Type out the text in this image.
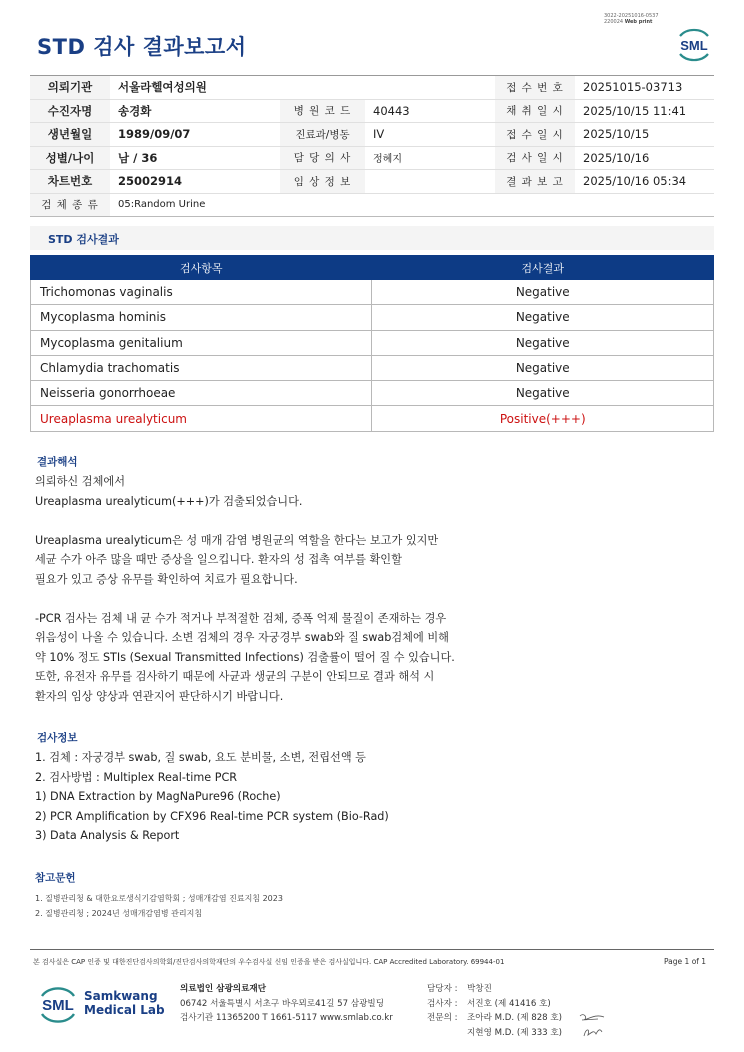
3022-20251016-0537
220024 Web print
STD 검사 결과보고서	SML
의뢰기관	서울라헬여성의원			접 수 번 호	20251015-03713
수진자명	송경화	병 원 코 드	40443	채 취 일 시	2025/10/15 11:41
생년월일	1989/09/07	진료과/병동	IV	접 수 일 시	2025/10/15
성별/나이	남 / 36	담 당 의 사	정혜지	검 사 일 시	2025/10/16
차트번호	25002914	임 상 정 보		결 과 보 고	2025/10/16 05:34
검 체 종 류	05:Random Urine				
STD 검사결과
검사항목	검사결과
Trichomonas vaginalis	Negative
Mycoplasma hominis	Negative
Mycoplasma genitalium	Negative
Chlamydia trachomatis	Negative
Neisseria gonorrhoeae	Negative
Ureaplasma urealyticum	Positive(+++)
결과해석
의뢰하신 검체에서
Ureaplasma urealyticum(+++)가 검출되었습니다.
Ureaplasma urealyticum은 성 매개 감염 병원균의 역할을 한다는 보고가 있지만
세균 수가 아주 많을 때만 증상을 일으킵니다. 환자의 성 접촉 여부를 확인할
필요가 있고 증상 유무를 확인하여 치료가 필요합니다.
-PCR 검사는 검체 내 균 수가 적거나 부적절한 검체, 증폭 억제 물질이 존재하는 경우
위음성이 나올 수 있습니다. 소변 검체의 경우 자궁경부 swab와 질 swab검체에 비해
약 10% 정도 STIs (Sexual Transmitted Infections) 검출률이 떨어 질 수 있습니다.
또한, 유전자 유무를 검사하기 때문에 사균과 생균의 구분이 안되므로 결과 해석 시
환자의 임상 양상과 연관지어 판단하시기 바랍니다.
검사정보
1. 검체 : 자궁경부 swab, 질 swab, 요도 분비물, 소변, 전립선액 등
2. 검사방법 : Multiplex Real-time PCR
1) DNA Extraction by MagNaPure96 (Roche)
2) PCR Amplification by CFX96 Real-time PCR system (Bio-Rad)
3) Data Analysis & Report
참고문헌
1. 질병관리청 & 대한요로생식기감염학회 ; 성매개감염 진료지침 2023
2. 질병관리청 ; 2024년 성매개감염병 관리지침
본 검사실은 CAP 인증 및 대한진단검사의학회/진단검사의학재단의 우수검사실 신임 인증을 받은 검사실입니다. CAP Accredited Laboratory. 69944-01	Page 1 of 1
SML
Samkwang
Medical Lab
의료법인 삼광의료재단
06742 서울특별시 서초구 바우뫼로41길 57 삼광빌딩
검사기관 11365200 T 1661-5117 www.smlab.co.kr
담당자 :	박창진
검사자 :	서진호 (제 41416 호)
전문의 :	조아라 M.D. (제 828 호)
지현영 M.D. (제 333 호)
